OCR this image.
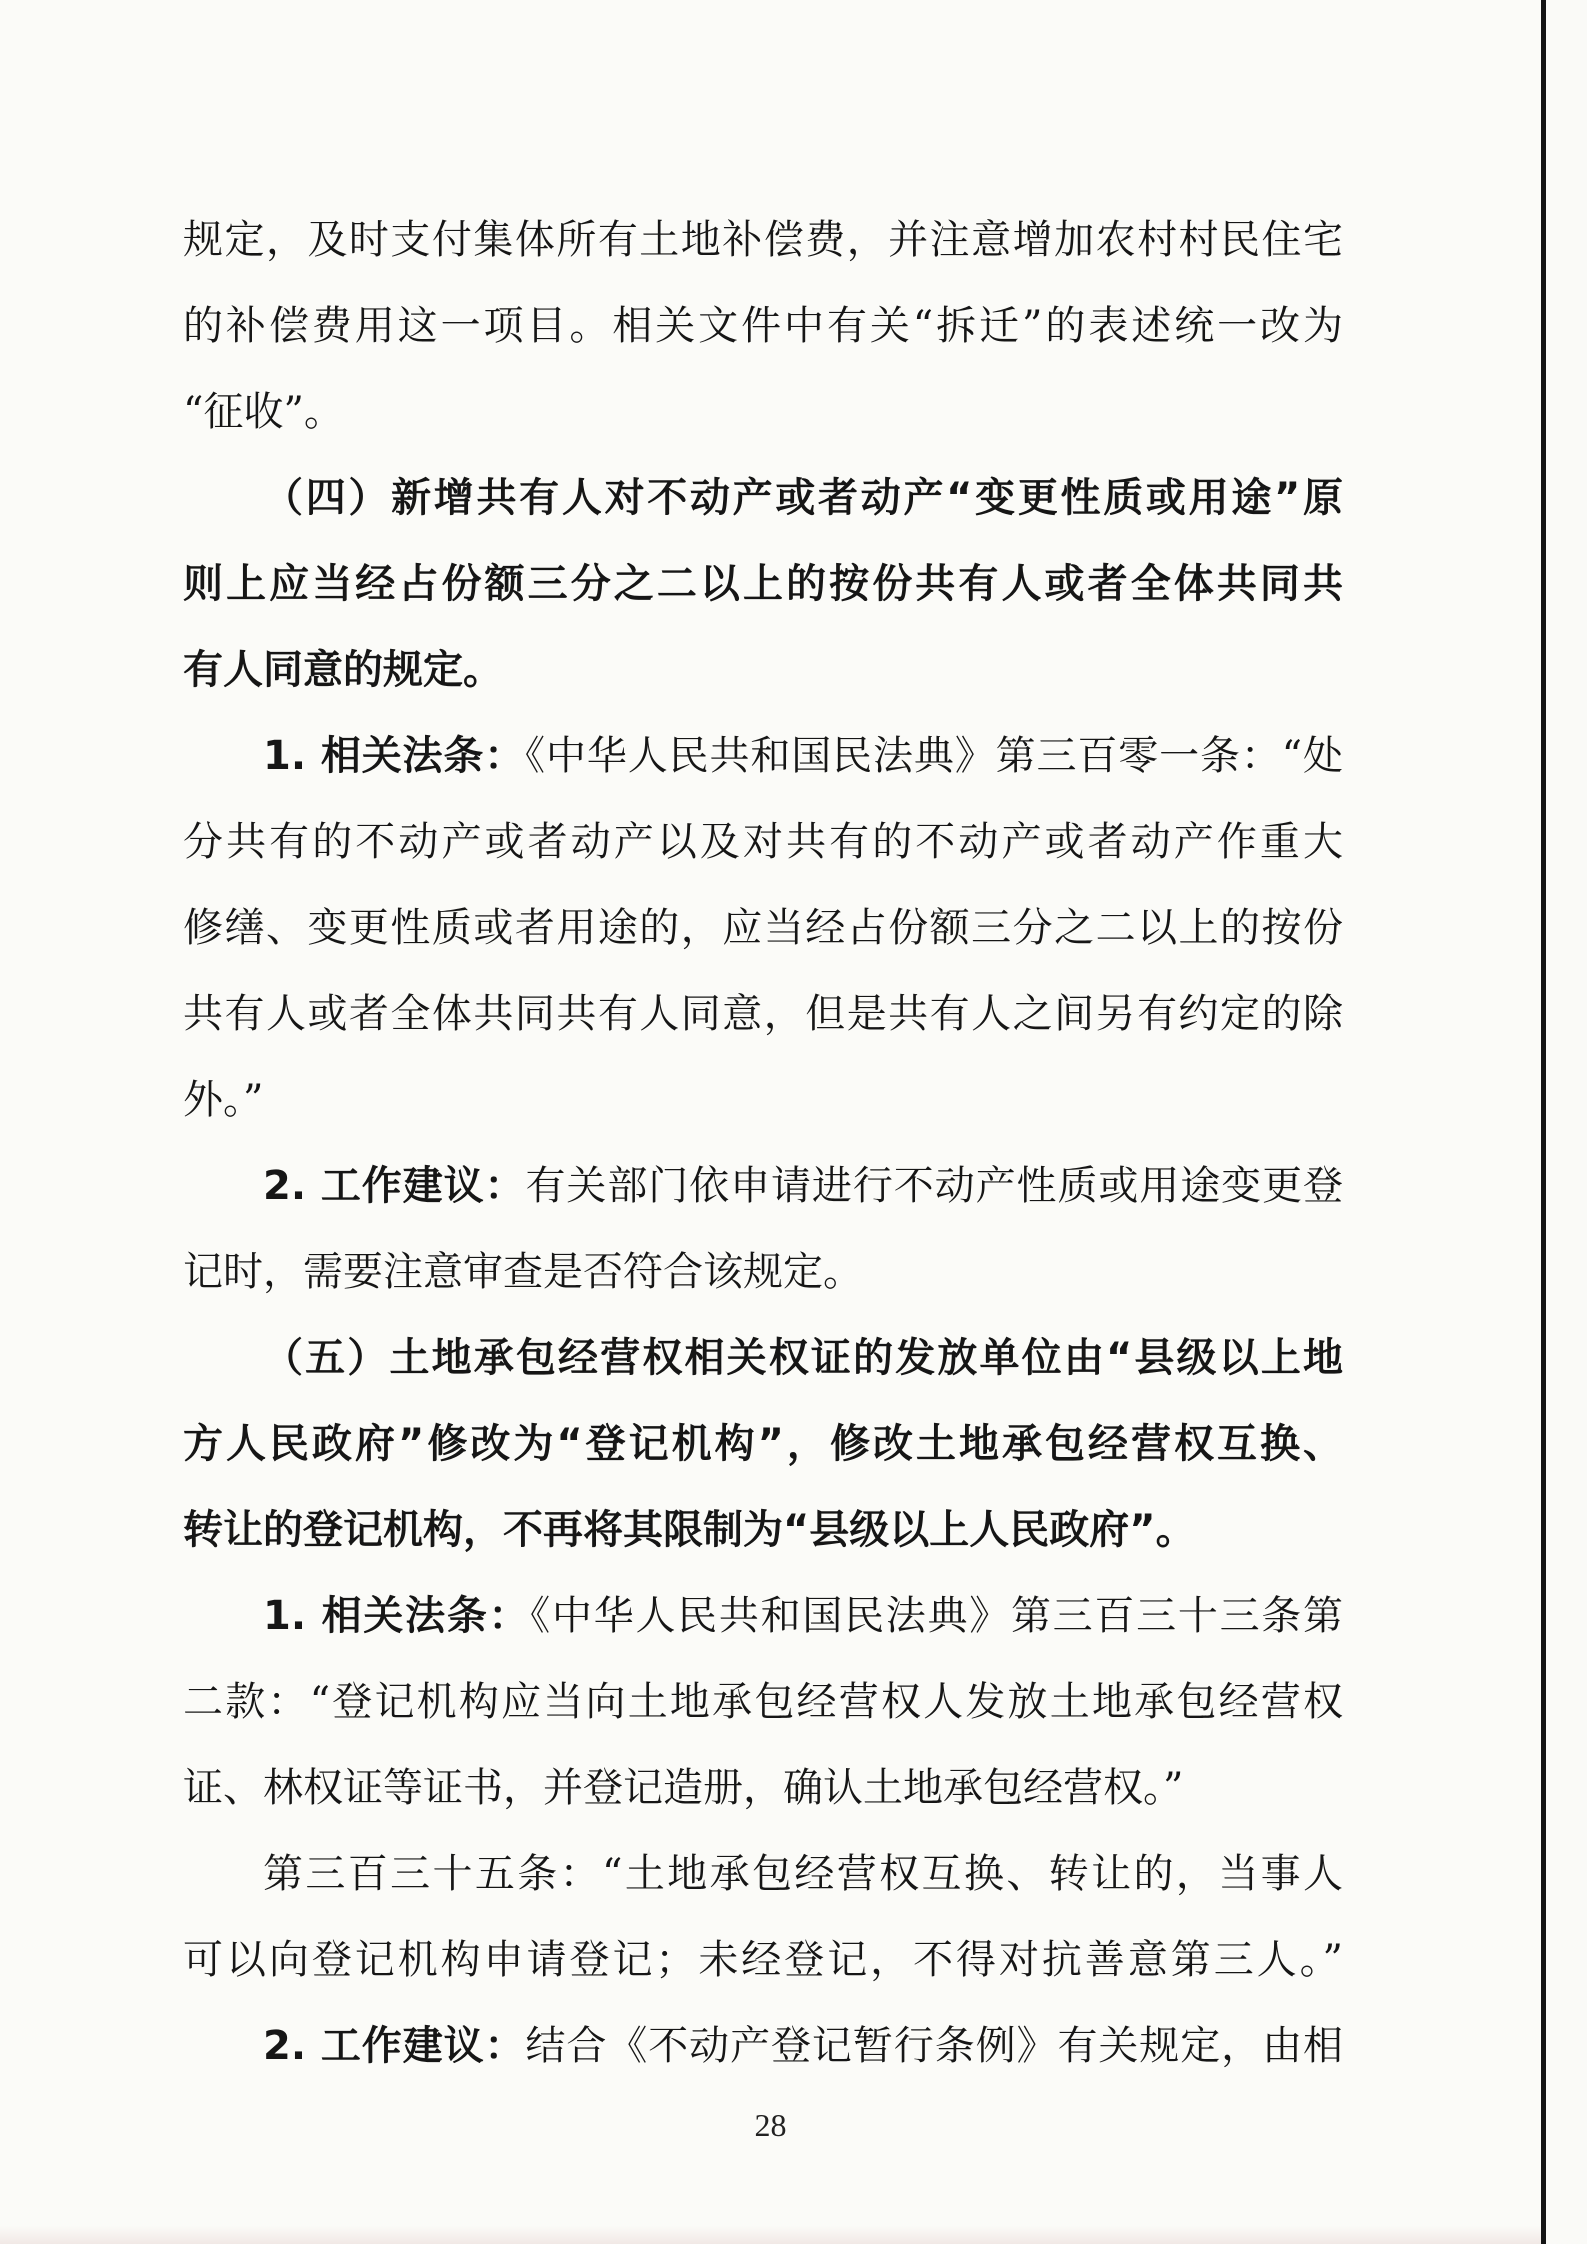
规定，及时支付集体所有土地补偿费，并注意增加农村村民住宅
的补偿费用这一项目。相关文件中有关“拆迁”的表述统一改为
“征收”。
（四）新增共有人对不动产或者动产“变更性质或用途”原
则上应当经占份额三分之二以上的按份共有人或者全体共同共
有人同意的规定。
1. 相关法条：《中华人民共和国民法典》第三百零一条：“处
分共有的不动产或者动产以及对共有的不动产或者动产作重大
修缮、变更性质或者用途的，应当经占份额三分之二以上的按份
共有人或者全体共同共有人同意，但是共有人之间另有约定的除
外。”
2. 工作建议：有关部门依申请进行不动产性质或用途变更登
记时，需要注意审查是否符合该规定。
（五）土地承包经营权相关权证的发放单位由“县级以上地
方人民政府”修改为“登记机构”，修改土地承包经营权互换、
转让的登记机构，不再将其限制为“县级以上人民政府”。
1. 相关法条：《中华人民共和国民法典》第三百三十三条第
二款：“登记机构应当向土地承包经营权人发放土地承包经营权
证、林权证等证书，并登记造册，确认土地承包经营权。”
第三百三十五条：“土地承包经营权互换、转让的，当事人
可以向登记机构申请登记；未经登记，不得对抗善意第三人。”
2. 工作建议：结合《不动产登记暂行条例》有关规定，由相
28
